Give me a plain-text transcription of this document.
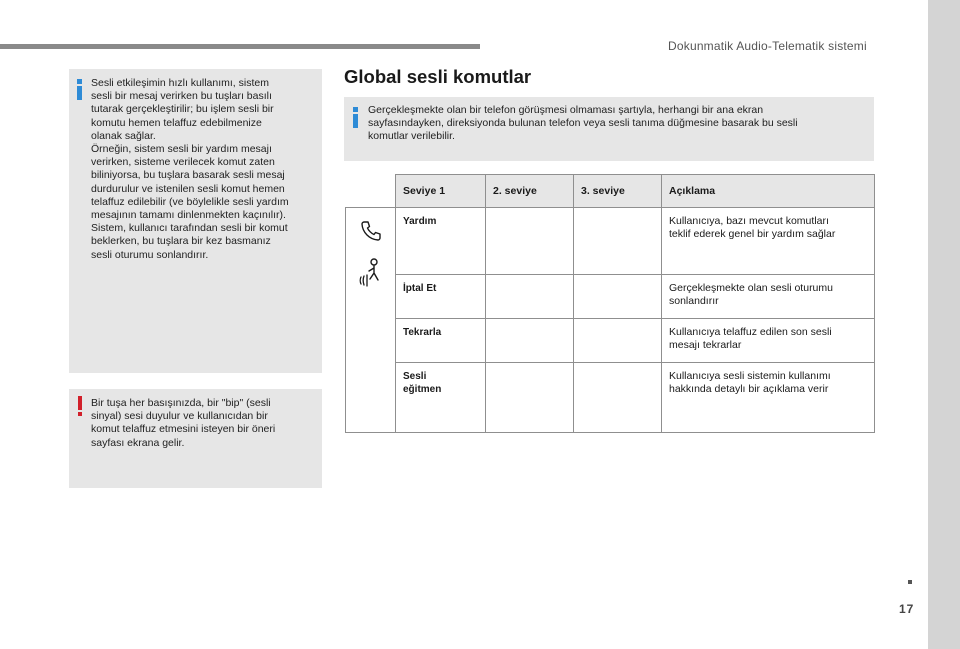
Dokunmatik Audio-Telematik sistemi
Sesli etkileşimin hızlı kullanımı, sistem
sesli bir mesaj verirken bu tuşları basılı
tutarak gerçekleştirilir; bu işlem sesli bir
komutu hemen telaffuz edebilmenize
olanak sağlar.
Örneğin, sistem sesli bir yardım mesajı
verirken, sisteme verilecek komut zaten
biliniyorsa, bu tuşlara basarak sesli mesaj
durdurulur ve istenilen sesli komut hemen
telaffuz edilebilir (ve böylelikle sesli yardım
mesajının tamamı dinlenmekten kaçınılır).
Sistem, kullanıcı tarafından sesli bir komut
beklerken, bu tuşlara bir kez basmanız
sesli oturumu sonlandırır.
Bir tuşa her basışınızda, bir "bip" (sesli
sinyal) sesi duyulur ve kullanıcıdan bir
komut telaffuz etmesini isteyen bir öneri
sayfası ekrana gelir.
Global sesli komutlar
Gerçekleşmekte olan bir telefon görüşmesi olmaması şartıyla, herhangi bir ana ekran
sayfasındayken, direksiyonda bulunan telefon veya sesli tanıma düğmesine basarak bu sesli
komutlar verilebilir.
	Seviye 1	2. seviye	3. seviye	Açıklama

	Yardım			Kullanıcıya, bazı mevcut komutları
teklif ederek genel bir yardım sağlar
	İptal Et			Gerçekleşmekte olan sesli oturumu
sonlandırır
	Tekrarla			Kullanıcıya telaffuz edilen son sesli
mesajı tekrarlar
	Sesli
eğitmen			Kullanıcıya sesli sistemin kullanımı
hakkında detaylı bir açıklama verir
17
